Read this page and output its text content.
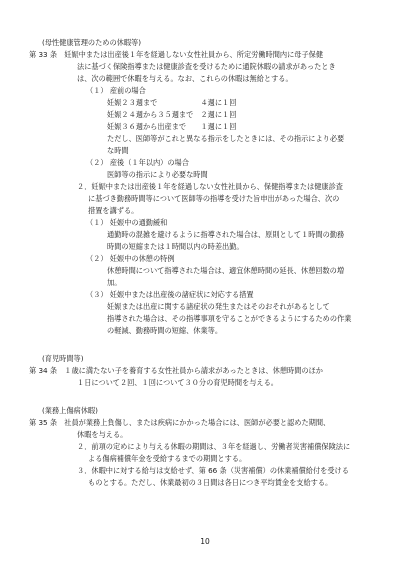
(母性健康管理のための休暇等)
第 33 条　妊娠中または出産後１年を経過しない女性社員から、所定労働時間内に母子保健
法に基づく保険指導または健康診査を受けるために通院休暇の請求があったとき
は、次の範囲で休暇を与える。なお、これらの休暇は無給とする。
（１） 産前の場合
妊娠２３週まで　　　　　　４週に１回
妊娠２４週から３５週まで　２週に１回
妊娠３６週から出産まで　　１週に１回
ただし、医師等がこれと異なる指示をしたときには、その指示により必要
な時間
（２） 産後（１年以内）の場合
医師等の指示により必要な時間
２．妊娠中または出産後１年を経過しない女性社員から、保健指導または健康診査
に基づき勤務時間等について医師等の指導を受けた旨申出があった場合、次の
措置を講ずる。
（１） 妊娠中の通勤緩和
通勤時の混雑を避けるように指導された場合は、原則として１時間の勤務
時間の短縮または１時間以内の時差出勤。
（２） 妊娠中の休憩の特例
休憩時間について指導された場合は、適宜休憩時間の延長、休憩回数の増
加。
（３） 妊娠中または出産後の諸症状に対応する措置
妊娠または出産に関する諸症状の発生またはそのおそれがあるとして
指導された場合は、その指導事項を守ることができるようにするための作業
の軽減、勤務時間の短縮、休業等。
(育児時間等)
第 34 条　１歳に満たない子を養育する女性社員から請求があったときは、休憩時間のほか
１日について２回、１回について３０分の育児時間を与える。
(業務上傷病休暇)
第 35 条　社員が業務上負傷し、または疾病にかかった場合には、医師が必要と認めた期間、
休暇を与える。
２．前項の定めにより与える休暇の期間は、３年を経過し、労働者災害補償保険法に
よる傷病補償年金を受給するまでの期間とする。
３．休暇中に対する給与は支給せず、第 66 条（災害補償）の休業補償給付を受ける
ものとする。ただし、休業最初の３日間は各日につき平均賃金を支給する。
10
